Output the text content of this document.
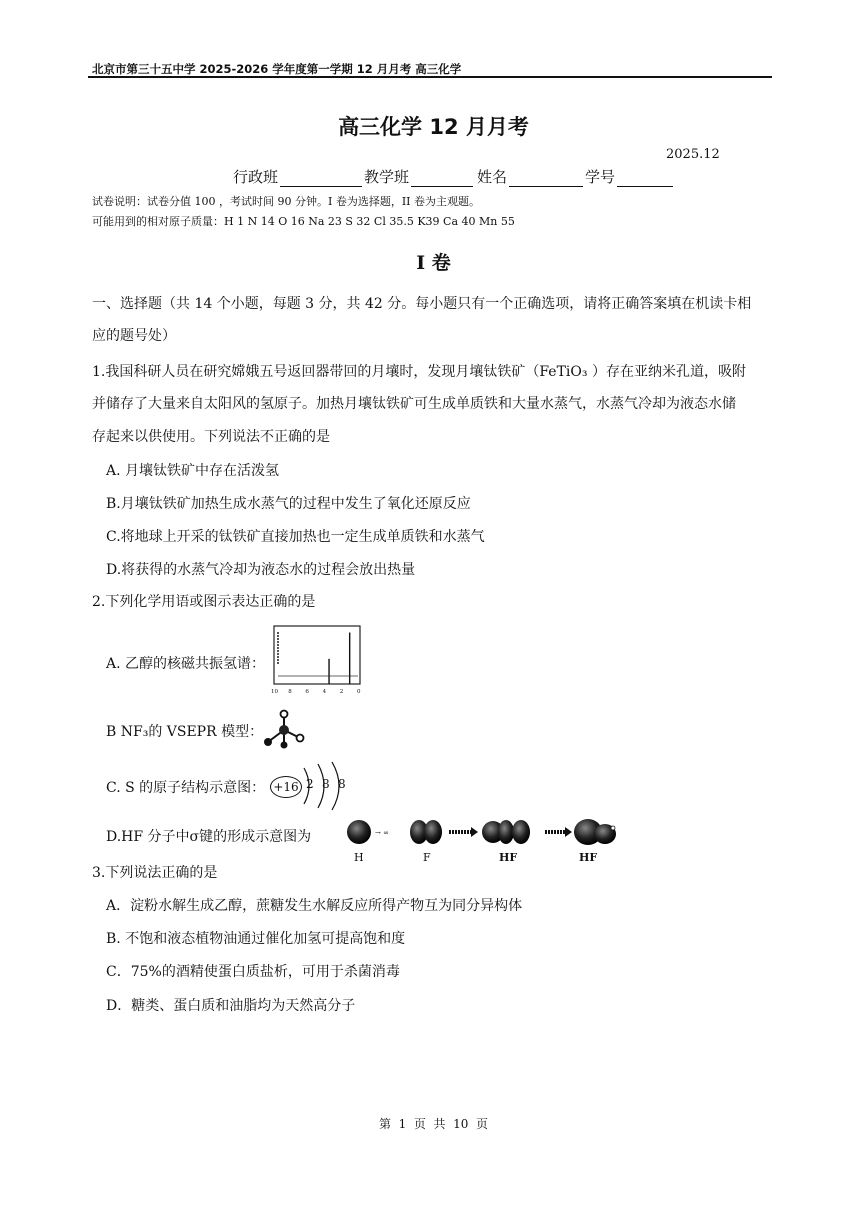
北京市第三十五中学 2025-2026 学年度第一学期 12 月月考 高三化学
高三化学 12 月月考
2025.12
行政班	教学班	姓名	学号
试卷说明：试卷分值 100 ，考试时间 90 分钟。I 卷为选择题，II 卷为主观题。
可能用到的相对原子质量：H 1 N 14 O 16 Na 23 S 32 Cl 35.5 K39 Ca 40 Mn 55
I 卷
一、选择题（共 14 个小题，每题 3 分，共 42 分。每小题只有一个正确选项，请将正确答案填在机读卡相
应的题号处）
1.我国科研人员在研究嫦娥五号返回器带回的月壤时，发现月壤钛铁矿（FeTiO₃ ）存在亚纳米孔道，吸附
并储存了大量来自太阳风的氢原子。加热月壤钛铁矿可生成单质铁和大量水蒸气，水蒸气冷却为液态水储
存起来以供使用。下列说法不正确的是
A. 月壤钛铁矿中存在活泼氢
B.月壤钛铁矿加热生成水蒸气的过程中发生了氧化还原反应
C.将地球上开采的钛铁矿直接加热也一定生成单质铁和水蒸气
D.将获得的水蒸气冷却为液态水的过程会放出热量
2.下列化学用语或图示表达正确的是
A. 乙醇的核磁共振氢谱：
10 8 6 4 2 0
B NF₃的 VSEPR 模型：
C. S 的原子结构示意图： +16 2 8 8
D.HF 分子中σ键的形成示意图为	→ ∞
H	F	HF	HF
3.下列说法正确的是
A．淀粉水解生成乙醇，蔗糖发生水解反应所得产物互为同分异构体
B. 不饱和液态植物油通过催化加氢可提高饱和度
C．75%的酒精使蛋白质盐析，可用于杀菌消毒
D．糖类、蛋白质和油脂均为天然高分子
第  1  页  共  10  页
